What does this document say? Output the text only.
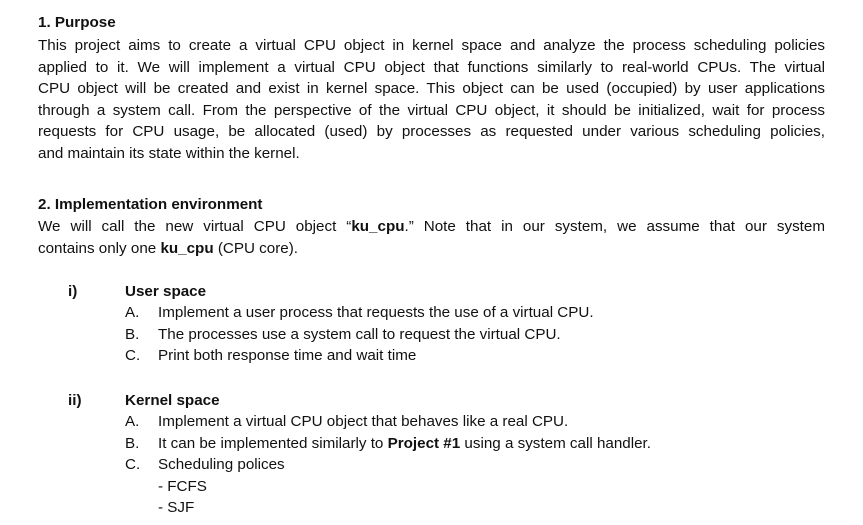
1. Purpose
This project aims to create a virtual CPU object in kernel space and analyze the process scheduling policies
applied to it. We will implement a virtual CPU object that functions similarly to real-world CPUs. The virtual
CPU object will be created and exist in kernel space. This object can be used (occupied) by user applications
through a system call. From the perspective of the virtual CPU object, it should be initialized, wait for process
requests for CPU usage, be allocated (used) by processes as requested under various scheduling policies,
and maintain its state within the kernel.
2. Implementation environment
We will call the new virtual CPU object “ku_cpu.” Note that in our system, we assume that our system
contains only one ku_cpu (CPU core).
i)	User space
A. Implement a user process that requests the use of a virtual CPU.
B. The processes use a system call to request the virtual CPU.
C. Print both response time and wait time
ii)	Kernel space
A. Implement a virtual CPU object that behaves like a real CPU.
B. It can be implemented similarly to Project #1 using a system call handler.
C. Scheduling polices
- FCFS
- SJF
